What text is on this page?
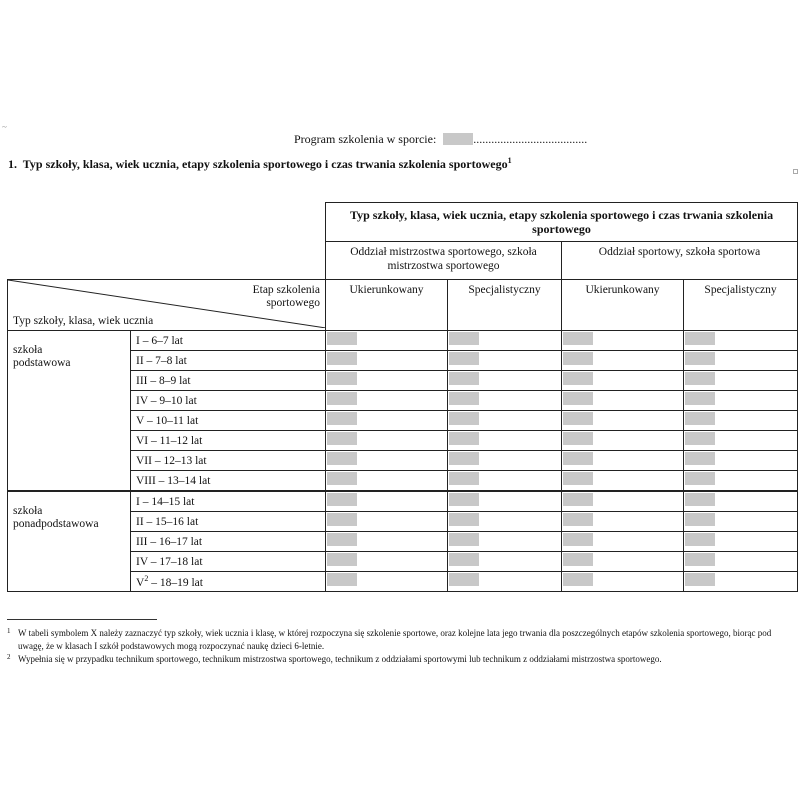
~
Program szkolenia w sporcie:	......................................
1. Typ szkoły, klasa, wiek ucznia, etapy szkolenia sportowego i czas trwania szkolenia sportowego$^1$
		Typ szkoły, klasa, wiek ucznia, etapy szkolenia sportowego i czas trwania szkolenia sportowego			
		Oddział mistrzostwa sportowego, szkoła mistrzostwa sportowego		Oddział sportowy, szkoła sportowa	

Etap szkolenia
sportowego
Typ szkoły, klasa, wiek ucznia		Ukierunkowany	Specjalistyczny	Ukierunkowany	Specjalistyczny
szkoła
podstawowa	I – 6–7 lat	

	II – 7–8 lat	

	III – 8–9 lat	

	IV – 9–10 lat	

	V – 10–11 lat	

	VI – 11–12 lat	

	VII – 12–13 lat	

	VIII – 13–14 lat	

szkoła
ponadpodstawowa	I – 14–15 lat	

	II – 15–16 lat	

	III – 16–17 lat	

	IV – 17–18 lat	

	$V^2 - 18-19$ lat	

1 W tabeli symbolem X należy zaznaczyć typ szkoły, wiek ucznia i klasę, w której rozpoczyna się szkolenie sportowe, oraz kolejne lata jego trwania dla poszczególnych etapów szkolenia sportowego, biorąc pod uwagę, że w klasach I szkół podstawowych mogą rozpoczynać naukę dzieci 6-letnie.
2 Wypełnia się w przypadku technikum sportowego, technikum mistrzostwa sportowego, technikum z oddziałami sportowymi lub technikum z oddziałami mistrzostwa sportowego.
